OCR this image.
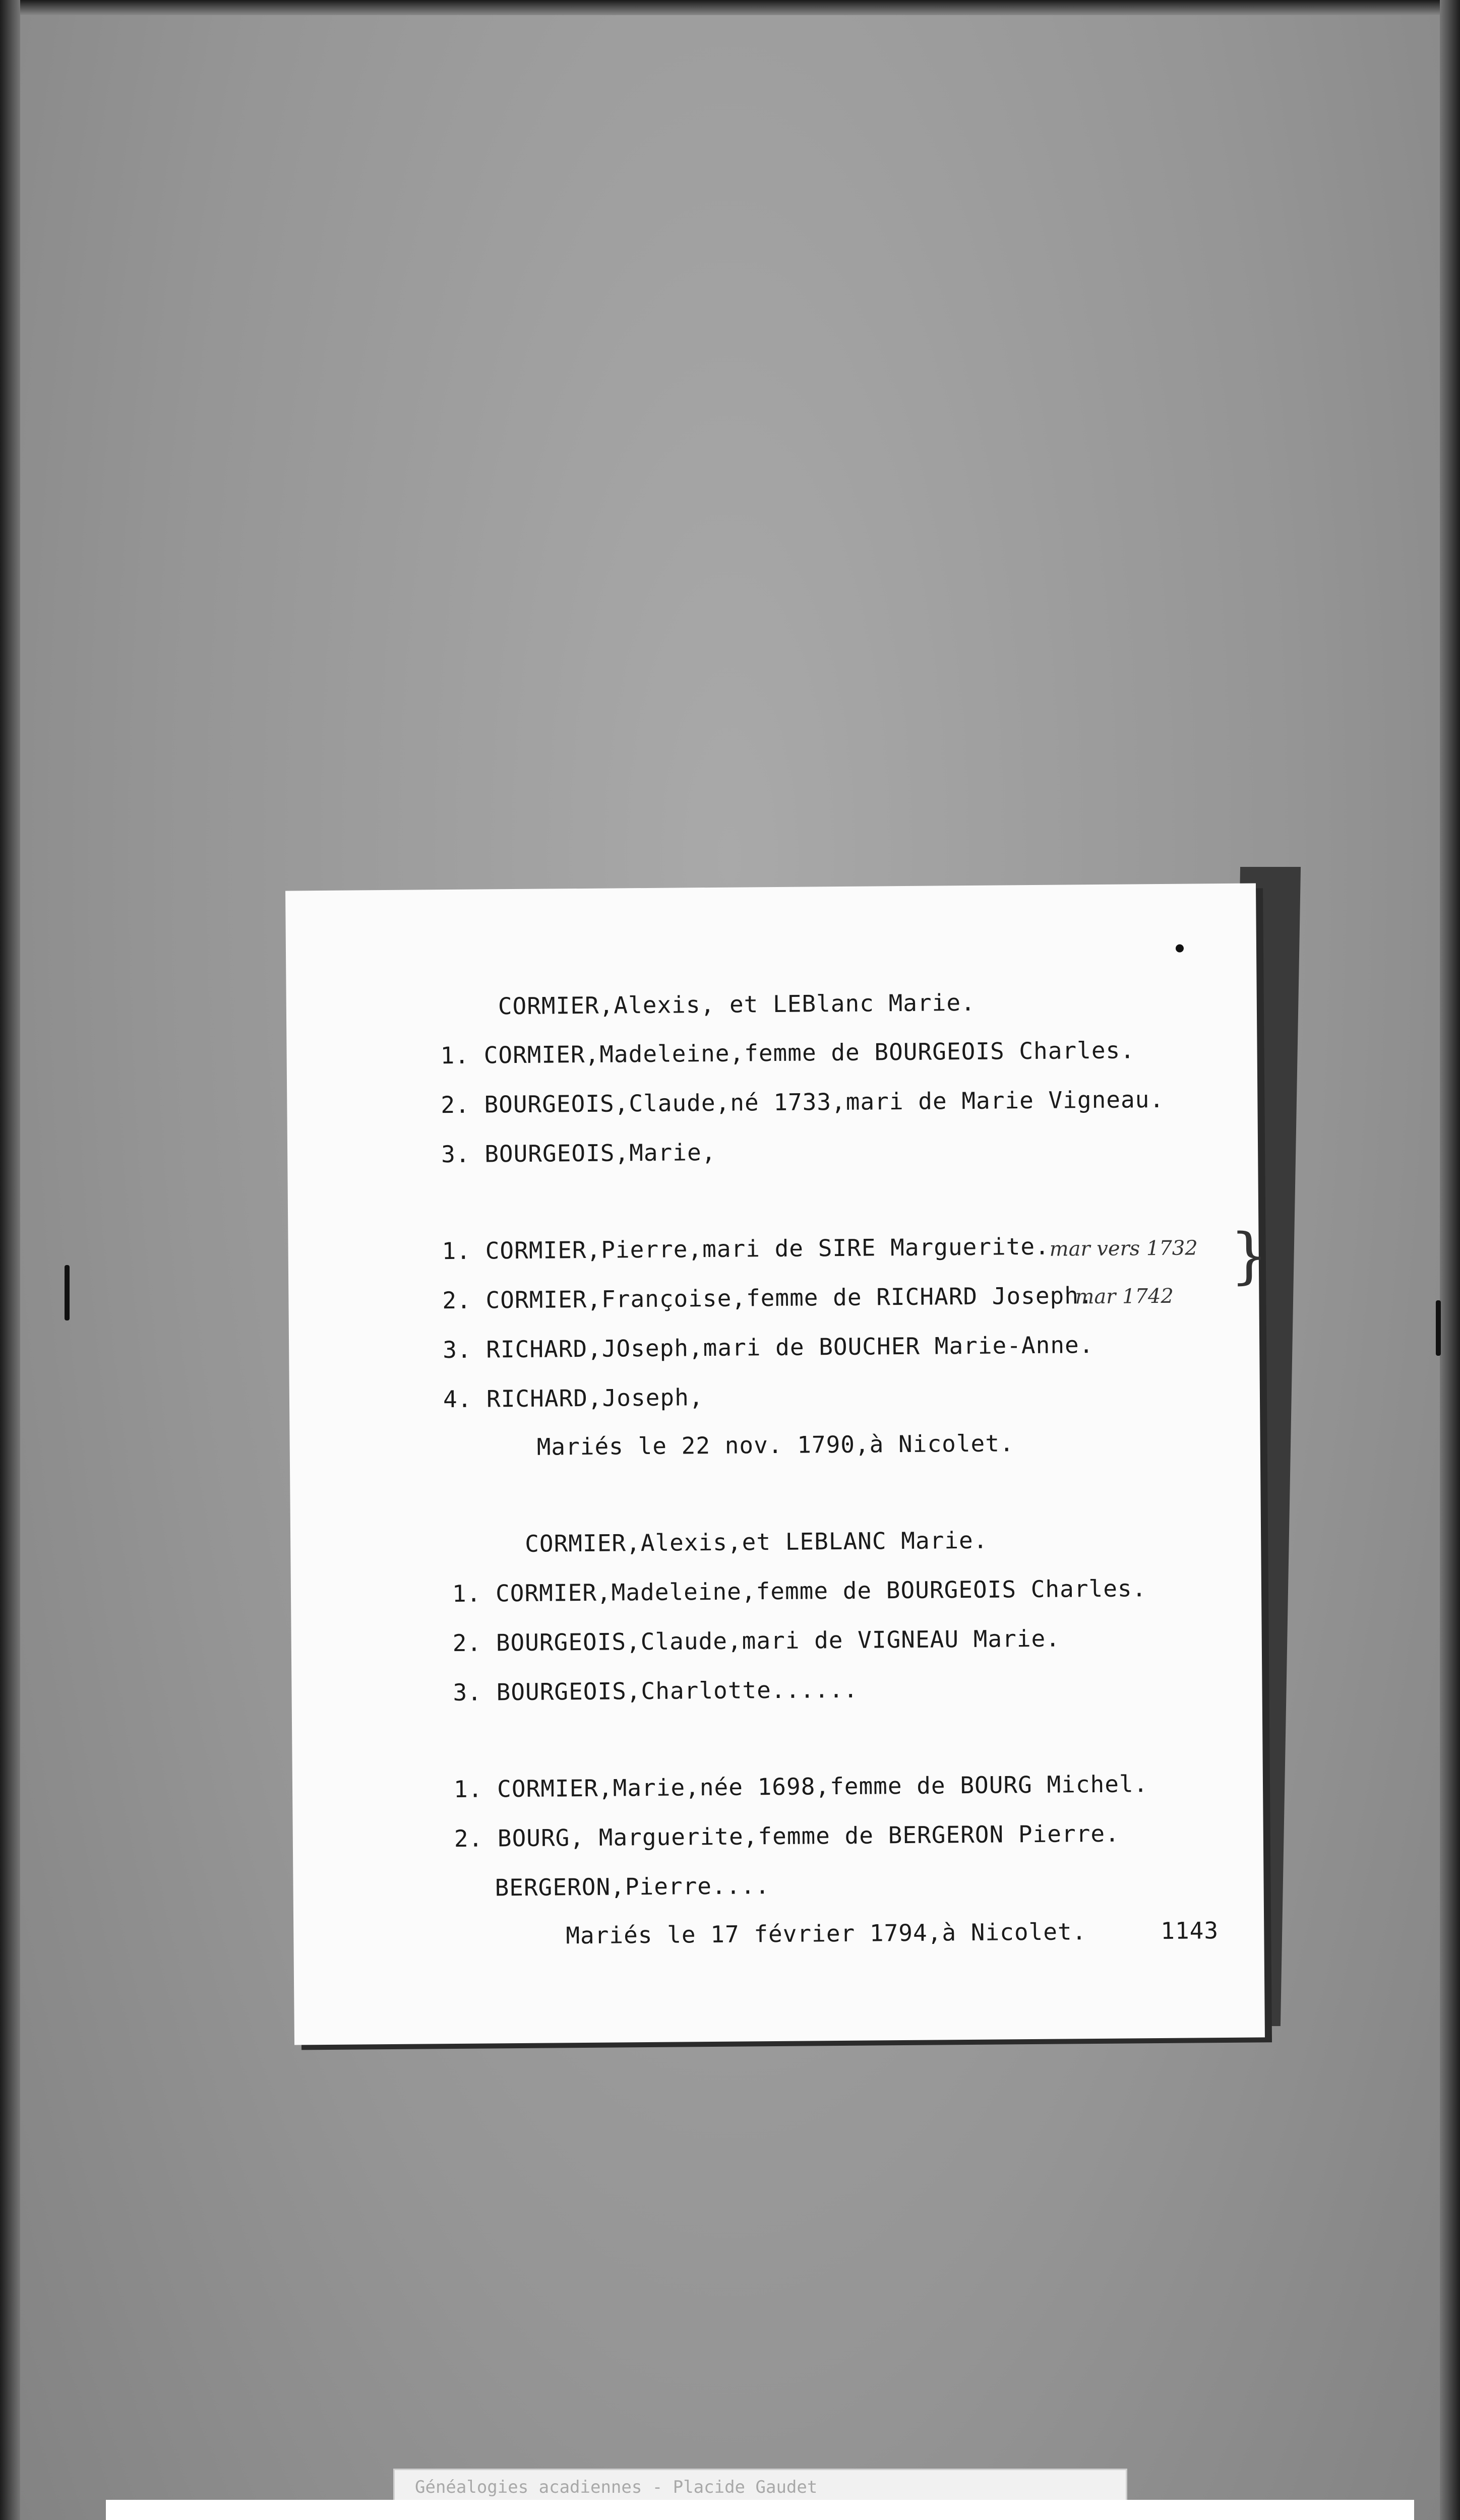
CORMIER,Alexis, et LEBlanc Marie.
1. CORMIER,Madeleine,femme de BOURGEOIS Charles.
2. BOURGEOIS,Claude,né 1733,mari de Marie Vigneau.
3. BOURGEOIS,Marie,
1. CORMIER,Pierre,mari de SIRE Marguerite. mar vers 1732
2. CORMIER,Françoise,femme de RICHARD Joseph.
mar 1742
}
3. RICHARD,JOseph,mari de BOUCHER Marie-Anne.
4. RICHARD,Joseph,
Mariés le 22 nov. 1790,à Nicolet.
CORMIER,Alexis,et LEBLANC Marie.
1. CORMIER,Madeleine,femme de BOURGEOIS Charles.
2. BOURGEOIS,Claude,mari de VIGNEAU Marie.
3. BOURGEOIS,Charlotte......
1. CORMIER,Marie,née 1698,femme de BOURG Michel.
2. BOURG, Marguerite,femme de BERGERON Pierre.
BERGERON,Pierre....
Mariés le 17 février 1794,à Nicolet.	1143
Généalogies acadiennes - Placide Gaudet
